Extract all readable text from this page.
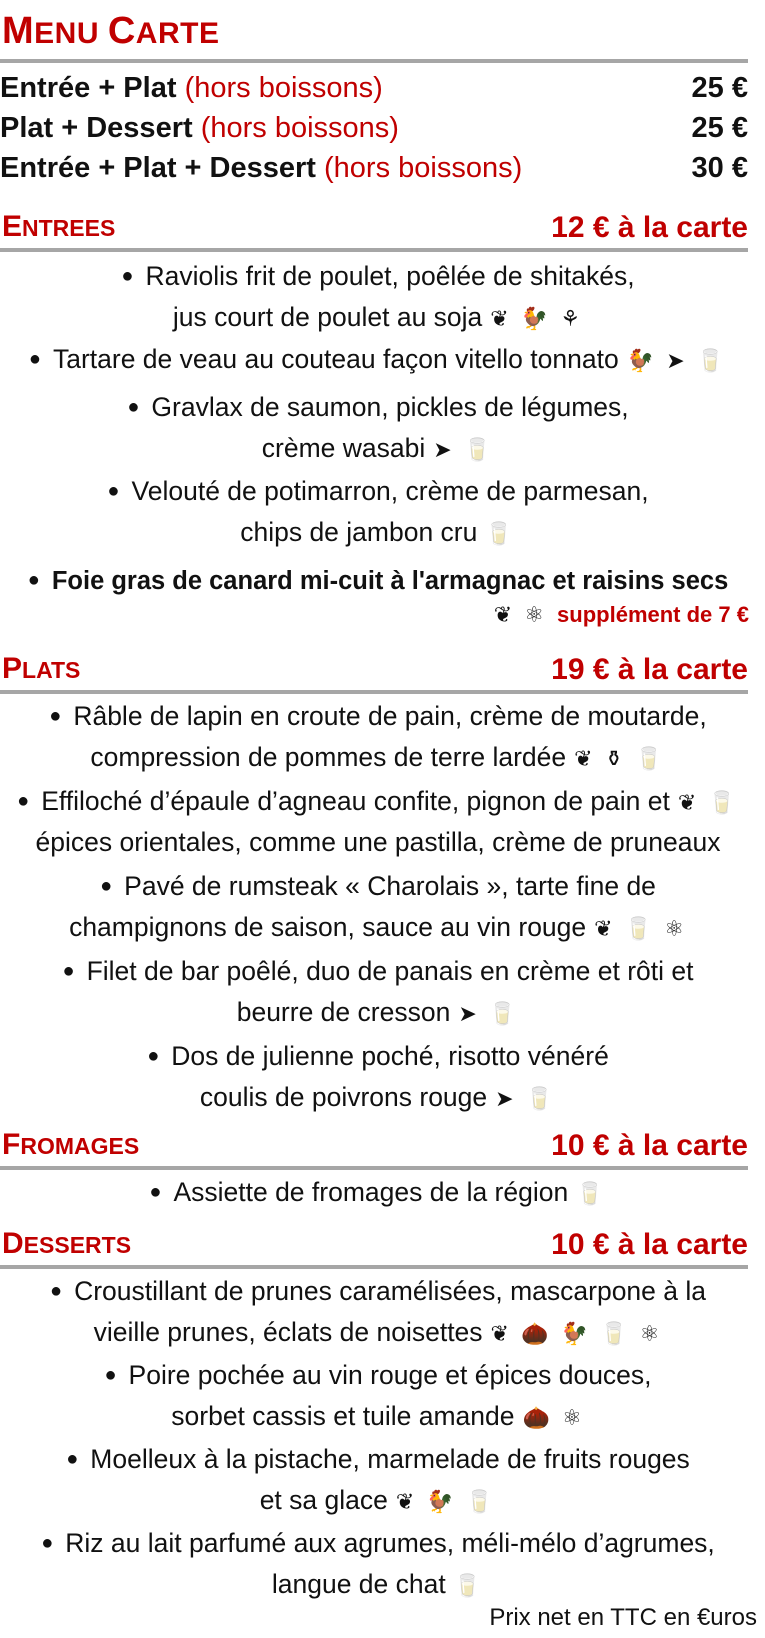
MENU CARTE
Entrée + Plat (hors boissons)	25 €
Plat + Dessert (hors boissons)	25 €
Entrée + Plat + Dessert (hors boissons)	30 €
ENTREES	12 € à la carte
● Raviolis frit de poulet, poêlée de shitakés,
jus court de poulet au soja ❦ 🐓 ⚘
● Tartare de veau au couteau façon vitello tonnato 🐓 ➤ 🥛
● Gravlax de saumon, pickles de légumes,
crème wasabi ➤ 🥛
● Velouté de potimarron, crème de parmesan,
chips de jambon cru 🥛
● Foie gras de canard mi-cuit à l'armagnac et raisins secs
❦ ⚛ supplément de 7 €
PLATS	19 € à la carte
● Râble de lapin en croute de pain, crème de moutarde,
compression de pommes de terre lardée ❦ ⚱ 🥛
● Effiloché d’épaule d’agneau confite, pignon de pain et ❦ 🥛
épices orientales, comme une pastilla, crème de pruneaux
● Pavé de rumsteak « Charolais », tarte fine de
champignons de saison, sauce au vin rouge ❦ 🥛 ⚛
● Filet de bar poêlé, duo de panais en crème et rôti et
beurre de cresson ➤ 🥛
● Dos de julienne poché, risotto vénéré
coulis de poivrons rouge ➤ 🥛
FROMAGES	10 € à la carte
● Assiette de fromages de la région 🥛
DESSERTS	10 € à la carte
● Croustillant de prunes caramélisées, mascarpone à la
vieille prunes, éclats de noisettes ❦ 🌰 🐓 🥛 ⚛
● Poire pochée au vin rouge et épices douces,
sorbet cassis et tuile amande 🌰 ⚛
● Moelleux à la pistache, marmelade de fruits rouges
et sa glace ❦ 🐓 🥛
● Riz au lait parfumé aux agrumes, méli-mélo d’agrumes,
langue de chat 🥛
Prix net en TTC en €uros
